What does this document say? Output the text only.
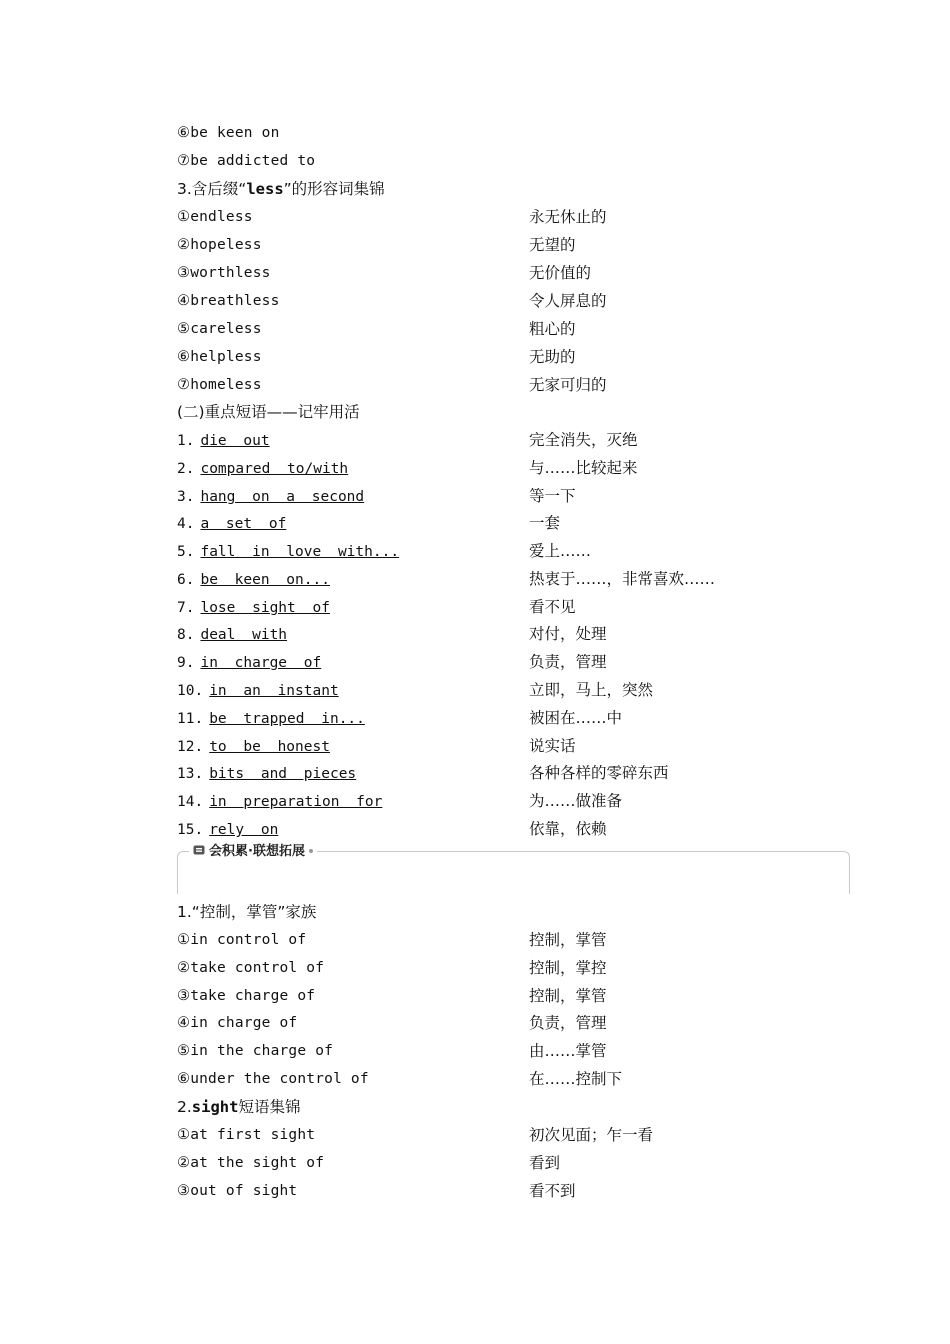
⑥be keen on
⑦be addicted to
3.含后缀“less”的形容词集锦
①endless	永无休止的
②hopeless	无望的
③worthless	无价值的
④breathless	令人屏息的
⑤careless	粗心的
⑥helpless	无助的
⑦homeless	无家可归的
(二)重点短语——记牢用活
1. die out	完全消失，灭绝
2. compared to/with	与……比较起来
3. hang on a second	等一下
4. a set of	一套
5. fall in love with...	爱上……
6. be keen on...	热衷于……，非常喜欢……
7. lose sight of	看不见
8. deal with	对付，处理
9. in charge of	负责，管理
10. in an instant	立即，马上，突然
11. be trapped in...	被困在……中
12. to be honest	说实话
13. bits and pieces	各种各样的零碎东西
14. in preparation for	为……做准备
15. rely on	依靠，依赖
会积累·联想拓展
1.“控制，掌管”家族
①in control of	控制，掌管
②take control of	控制，掌控
③take charge of	控制，掌管
④in charge of	负责，管理
⑤in the charge of	由……掌管
⑥under the control of	在……控制下
2.sight短语集锦
①at first sight	初次见面；乍一看
②at the sight of	看到
③out of sight	看不到
